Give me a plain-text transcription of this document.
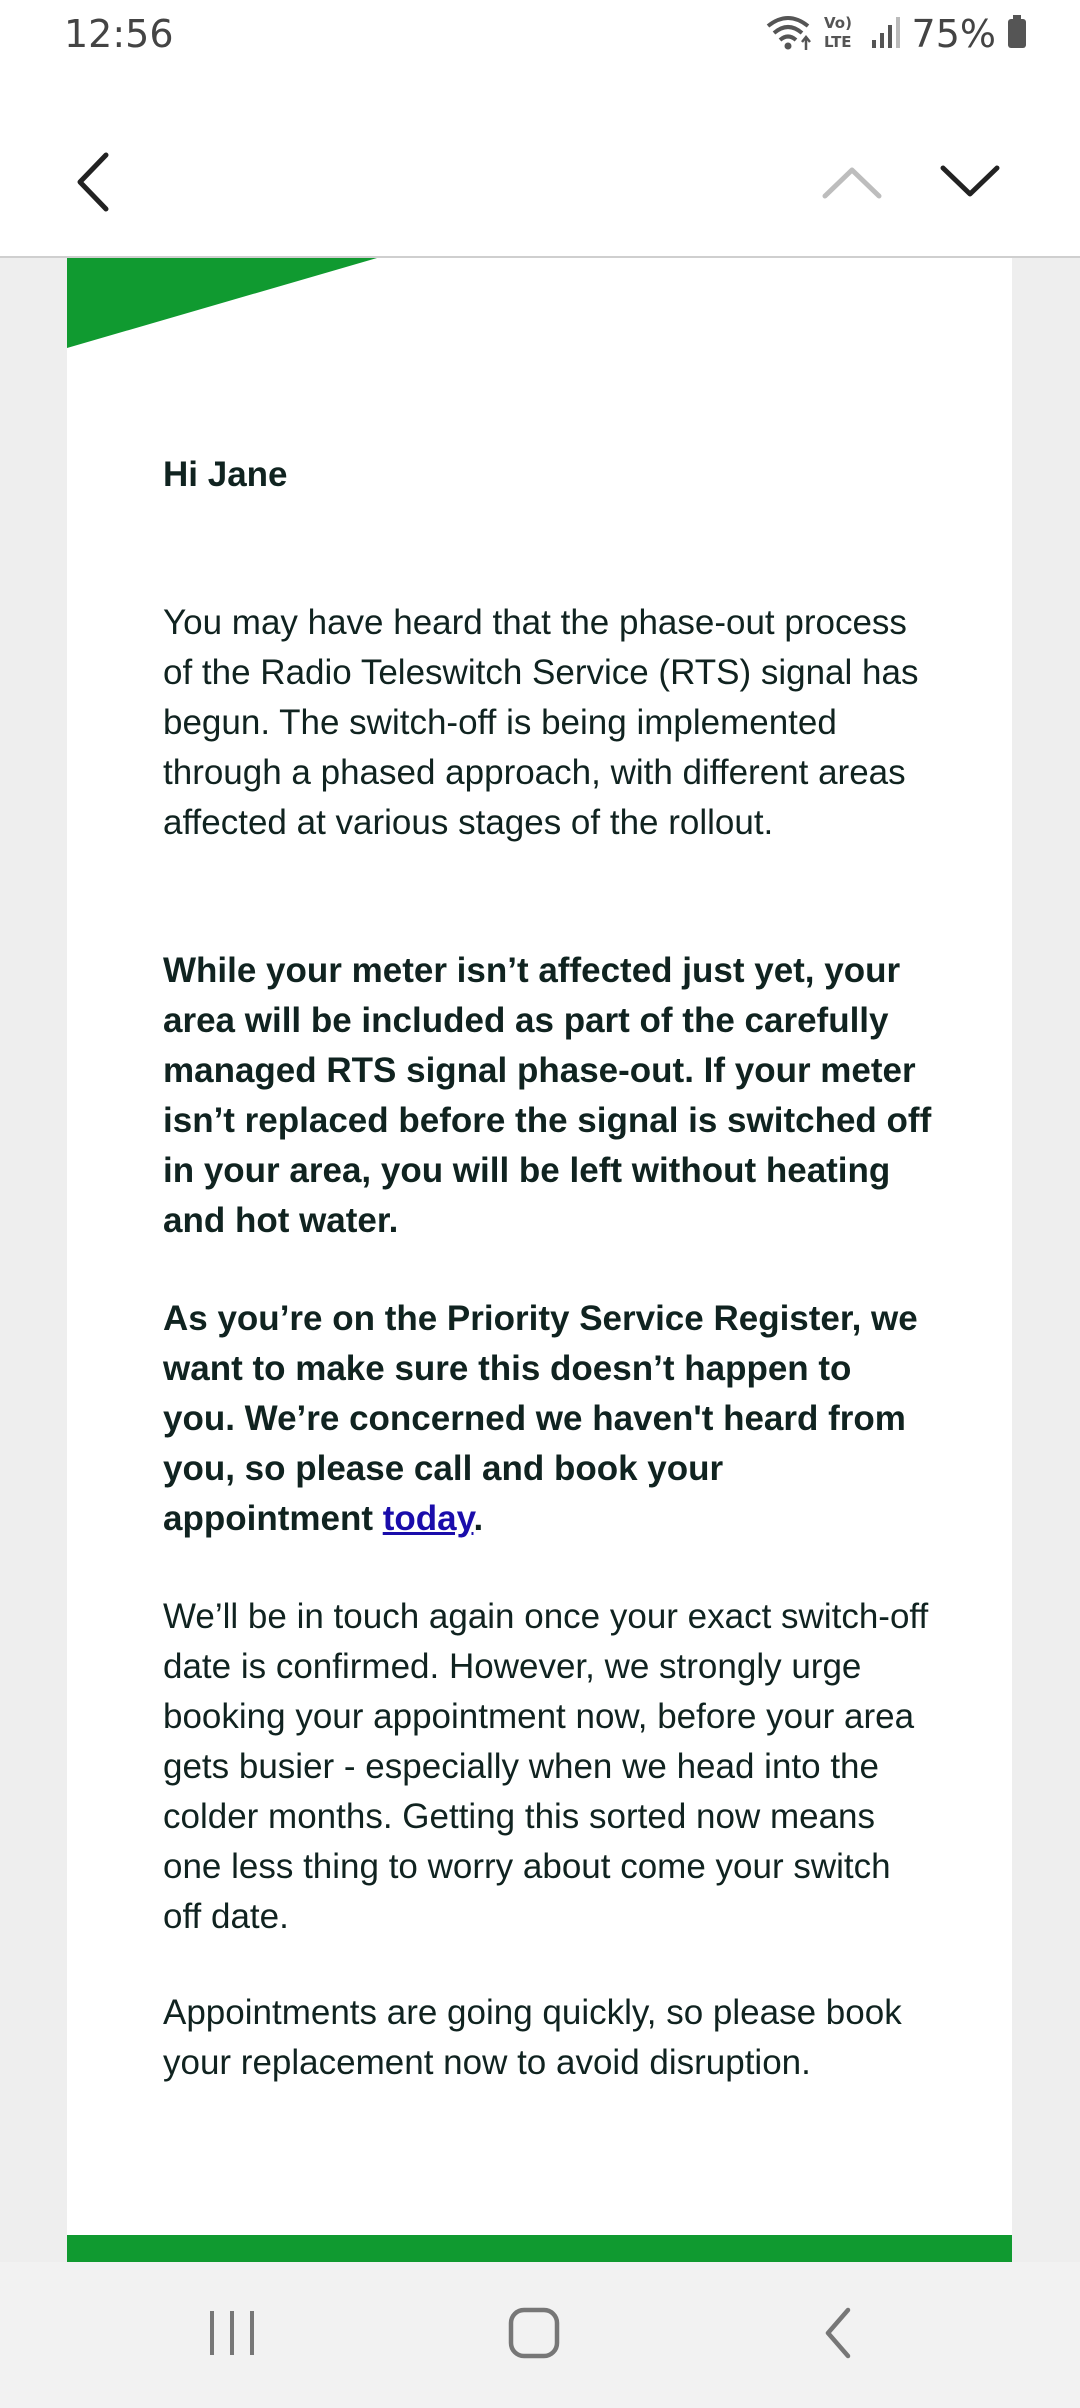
12:56	Vo)
LTE 75%

Hi Jane

You may have heard that the phase-out process of the Radio Teleswitch Service (RTS) signal has begun. The switch-off is being implemented through a phased approach, with different areas affected at various stages of the rollout.

While your meter isn’t affected just yet, your area will be included as part of the carefully managed RTS signal phase-out. If your meter isn’t replaced before the signal is switched off in your area, you will be left without heating and hot water.

As you’re on the Priority Service Register, we want to make sure this doesn’t happen to you. We’re concerned we haven't heard from you, so please call and book your appointment today.

We’ll be in touch again once your exact switch-off date is confirmed. However, we strongly urge booking your appointment now, before your area gets busier - especially when we head into the colder months. Getting this sorted now means one less thing to worry about come your switch off date.

Appointments are going quickly, so please book your replacement now to avoid disruption.
